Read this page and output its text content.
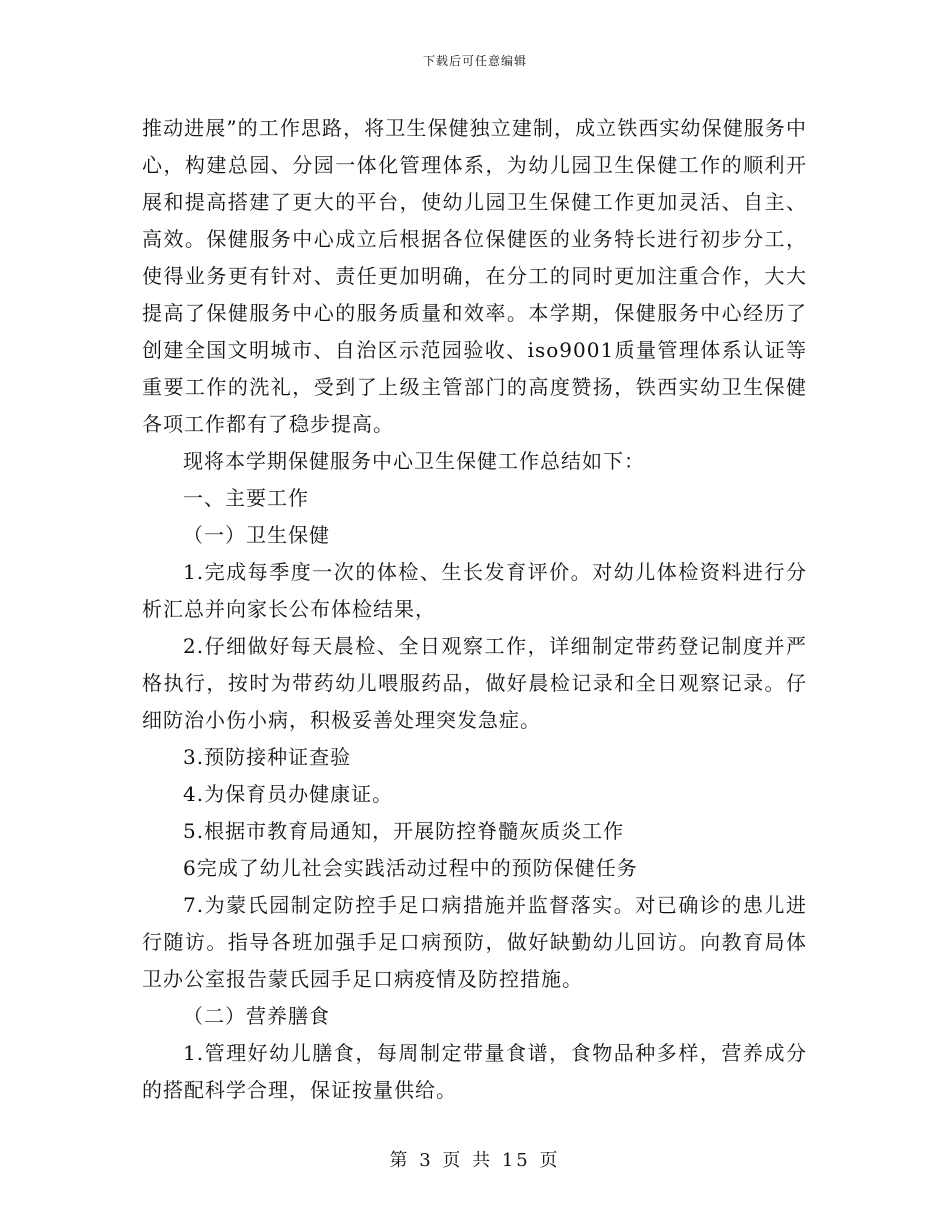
下载后可任意编辑

推动进展”的工作思路，将卫生保健独立建制，成立铁西实幼保健服务中心，构建总园、分园一体化管理体系，为幼儿园卫生保健工作的顺利开展和提高搭建了更大的平台，使幼儿园卫生保健工作更加灵活、自主、高效。保健服务中心成立后根据各位保健医的业务特长进行初步分工，使得业务更有针对、责任更加明确，在分工的同时更加注重合作，大大提高了保健服务中心的服务质量和效率。本学期，保健服务中心经历了创建全国文明城市、自治区示范园验收、iso9001质量管理体系认证等重要工作的洗礼，受到了上级主管部门的高度赞扬，铁西实幼卫生保健各项工作都有了稳步提高。

现将本学期保健服务中心卫生保健工作总结如下：

一、主要工作

（一）卫生保健

1.完成每季度一次的体检、生长发育评价。对幼儿体检资料进行分析汇总并向家长公布体检结果，

2.仔细做好每天晨检、全日观察工作，详细制定带药登记制度并严格执行，按时为带药幼儿喂服药品，做好晨检记录和全日观察记录。仔细防治小伤小病，积极妥善处理突发急症。

3.预防接种证查验

4.为保育员办健康证。

5.根据市教育局通知，开展防控脊髓灰质炎工作

6完成了幼儿社会实践活动过程中的预防保健任务

7.为蒙氏园制定防控手足口病措施并监督落实。对已确诊的患儿进行随访。指导各班加强手足口病预防，做好缺勤幼儿回访。向教育局体卫办公室报告蒙氏园手足口病疫情及防控措施。

（二）营养膳食

1.管理好幼儿膳食，每周制定带量食谱，食物品种多样，营养成分的搭配科学合理，保证按量供给。

第 3 页 共 15 页
